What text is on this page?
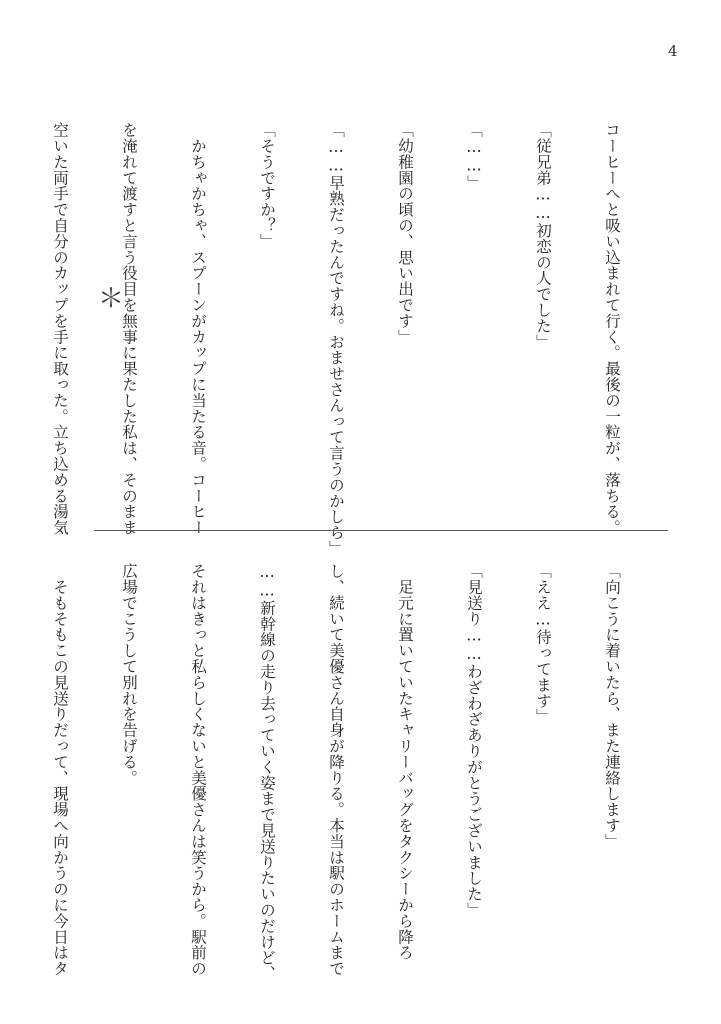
4

コーヒーへと吸い込まれて行く。最後の一粒が、落ちる。

「従兄弟……初恋の人でした」

「……」

「幼稚園の頃の、思い出です」

「……早熟だったんですね。おませさんって言うのかしら」

「そうですか？」

　かちゃかちゃ、スプーンがカップに当たる音。コーヒー

を淹れて渡すと言う役目を無事に果たした私は、そのまま

空いた両手で自分のカップを手に取った。立ち込める湯気

＊

「向こうに着いたら、また連絡します」

「ええ…待ってます」

「見送り……わざわざありがとうございました」

　足元に置いていたキャリーバッグをタクシーから降ろ

し、続いて美優さん自身が降りる。本当は駅のホームまで

……新幹線の走り去っていく姿まで見送りたいのだけど、

それはきっと私らしくないと美優さんは笑うから。駅前の

広場でこうして別れを告げる。

　そもそもこの見送りだって、現場へ向かうのに今日はタ
